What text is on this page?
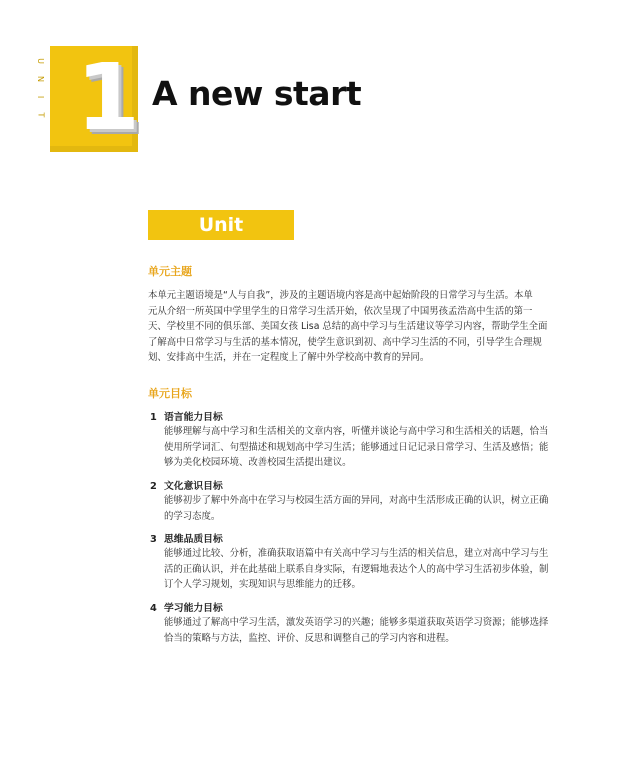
U
N
I
T 1 A new start
Unit overview
单元主题
本单元主题语境是“人与自我”，涉及的主题语境内容是高中起始阶段的日常学习与生活。本单
元从介绍一所英国中学里学生的日常学习生活开始，依次呈现了中国男孩孟浩高中生活的第一
天、学校里不同的俱乐部、美国女孩 Lisa 总结的高中学习与生活建议等学习内容，帮助学生全面
了解高中日常学习与生活的基本情况，使学生意识到初、高中学习生活的不同，引导学生合理规
划、安排高中生活，并在一定程度上了解中外学校高中教育的异同。
单元目标
1 语言能力目标
能够理解与高中学习和生活相关的文章内容，听懂并谈论与高中学习和生活相关的话题，恰当
使用所学词汇、句型描述和规划高中学习生活；能够通过日记记录日常学习、生活及感悟；能
够为美化校园环境、改善校园生活提出建议。
2 文化意识目标
能够初步了解中外高中在学习与校园生活方面的异同，对高中生活形成正确的认识，树立正确
的学习态度。
3 思维品质目标
能够通过比较、分析，准确获取语篇中有关高中学习与生活的相关信息，建立对高中学习与生
活的正确认识，并在此基础上联系自身实际，有逻辑地表达个人的高中学习生活初步体验，制
订个人学习规划，实现知识与思维能力的迁移。
4 学习能力目标
能够通过了解高中学习生活，激发英语学习的兴趣；能够多渠道获取英语学习资源；能够选择
恰当的策略与方法，监控、评价、反思和调整自己的学习内容和进程。
